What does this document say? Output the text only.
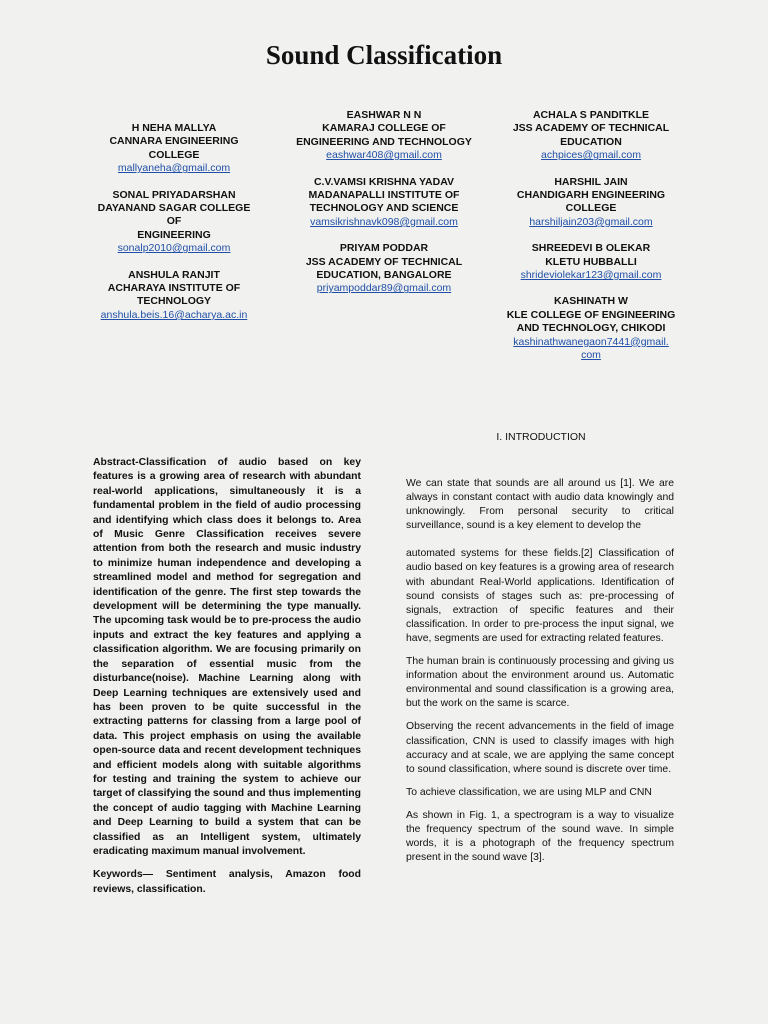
Sound Classification
H NEHA MALLYA
CANNARA ENGINEERING
COLLEGE
mallyaneha@gmail.com
SONAL PRIYADARSHAN
DAYANAND SAGAR COLLEGE OF
ENGINEERING
sonalp2010@gmail.com
ANSHULA RANJIT
ACHARAYA INSTITUTE OF
TECHNOLOGY
anshula.beis.16@acharya.ac.in
EASHWAR N N
KAMARAJ COLLEGE OF
ENGINEERING AND TECHNOLOGY
eashwar408@gmail.com
C.V.VAMSI KRISHNA YADAV
MADANAPALLI INSTITUTE OF
TECHNOLOGY AND SCIENCE
vamsikrishnavk098@gmail.com
PRIYAM PODDAR
JSS ACADEMY OF TECHNICAL
EDUCATION, BANGALORE
priyampoddar89@gmail.com
ACHALA S PANDITKLE
JSS ACADEMY OF TECHNICAL
EDUCATION
achpices@gmail.com
HARSHIL JAIN
CHANDIGARH ENGINEERING
COLLEGE
harshiljain203@gmail.com
SHREEDEVI B OLEKAR
KLETU HUBBALLI
shrideviolekar123@gmail.com
KASHINATH W
KLE COLLEGE OF ENGINEERING
AND TECHNOLOGY, CHIKODI
kashinathwanegaon7441@gmail.
com
I. INTRODUCTION

Abstract-Classification of audio based on key features is a growing area of research with abundant real-world applications, simultaneously it is a fundamental problem in the field of audio processing and identifying which class does it belongs to. Area of Music Genre Classification receives severe attention from both the research and music industry to minimize human independence and developing a streamlined model and method for segregation and identification of the genre. The first step towards the development will be determining the type manually. The upcoming task would be to pre-process the audio inputs and extract the key features and applying a classification algorithm. We are focusing primarily on the separation of essential music from the disturbance(noise). Machine Learning along with Deep Learning techniques are extensively used and has been proven to be quite successful in the extracting patterns for classing from a large pool of data. This project emphasis on using the available open-source data and recent development techniques and efficient models along with suitable algorithms for testing and training the system to achieve our target of classifying the sound and thus implementing the concept of audio tagging with Machine Learning and Deep Learning to build a system that can be classified as an Intelligent system, ultimately eradicating maximum manual involvement.

Keywords— Sentiment analysis, Amazon food reviews, classification.

We can state that sounds are all around us [1]. We are always in constant contact with audio data knowingly and unknowingly. From personal security to critical surveillance, sound is a key element to develop the

automated systems for these fields.[2] Classification of audio based on key features is a growing area of research with abundant Real-World applications. Identification of sound consists of stages such as: pre-processing of signals, extraction of specific features and their classification. In order to pre-process the input signal, we have, segments are used for extracting related features.

The human brain is continuously processing and giving us information about the environment around us. Automatic environmental and sound classification is a growing area, but the work on the same is scarce.

Observing the recent advancements in the field of image classification, CNN is used to classify images with high accuracy and at scale, we are applying the same concept to sound classification, where sound is discrete over time.

To achieve classification, we are using MLP and CNN

As shown in Fig. 1, a spectrogram is a way to visualize the frequency spectrum of the sound wave. In simple words, it is a photograph of the frequency spectrum present in the sound wave [3].
